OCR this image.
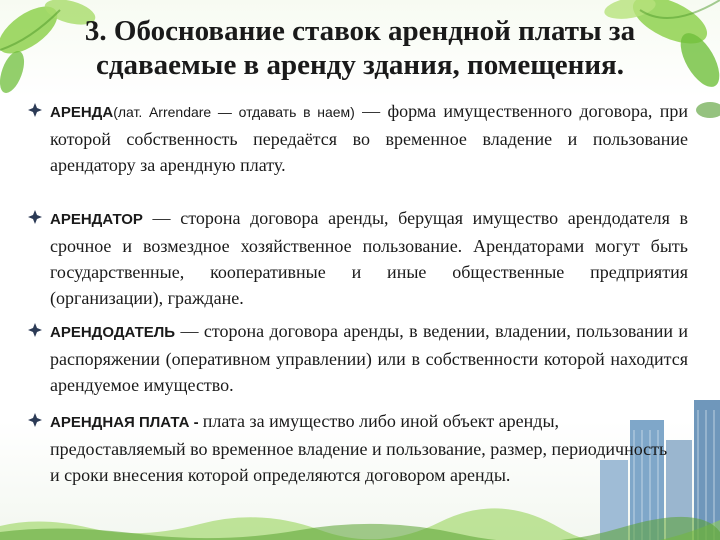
3. Обоснование ставок арендной платы за
сдаваемые в аренду здания, помещения.
АРЕНДА(лат. Arrendare — отдавать в наем) — форма имущественного договора, при которой собственность передаётся во временное владение и пользование арендатору за арендную плату.
АРЕНДАТОР — сторона договора аренды, берущая имущество арендодателя в срочное и возмездное хозяйственное пользование. Арендаторами могут быть государственные, кооперативные и иные общественные предприятия (организации), граждане.
АРЕНДОДАТЕЛЬ — сторона договора аренды, в ведении, владении, пользовании и распоряжении (оперативном управлении) или в собственности которой находится арендуемое имущество.
АРЕНДНАЯ ПЛАТА - плата за имущество либо иной объект аренды, предоставляемый во временное владение и пользование, размер, периодичность и сроки внесения которой определяются договором аренды.
